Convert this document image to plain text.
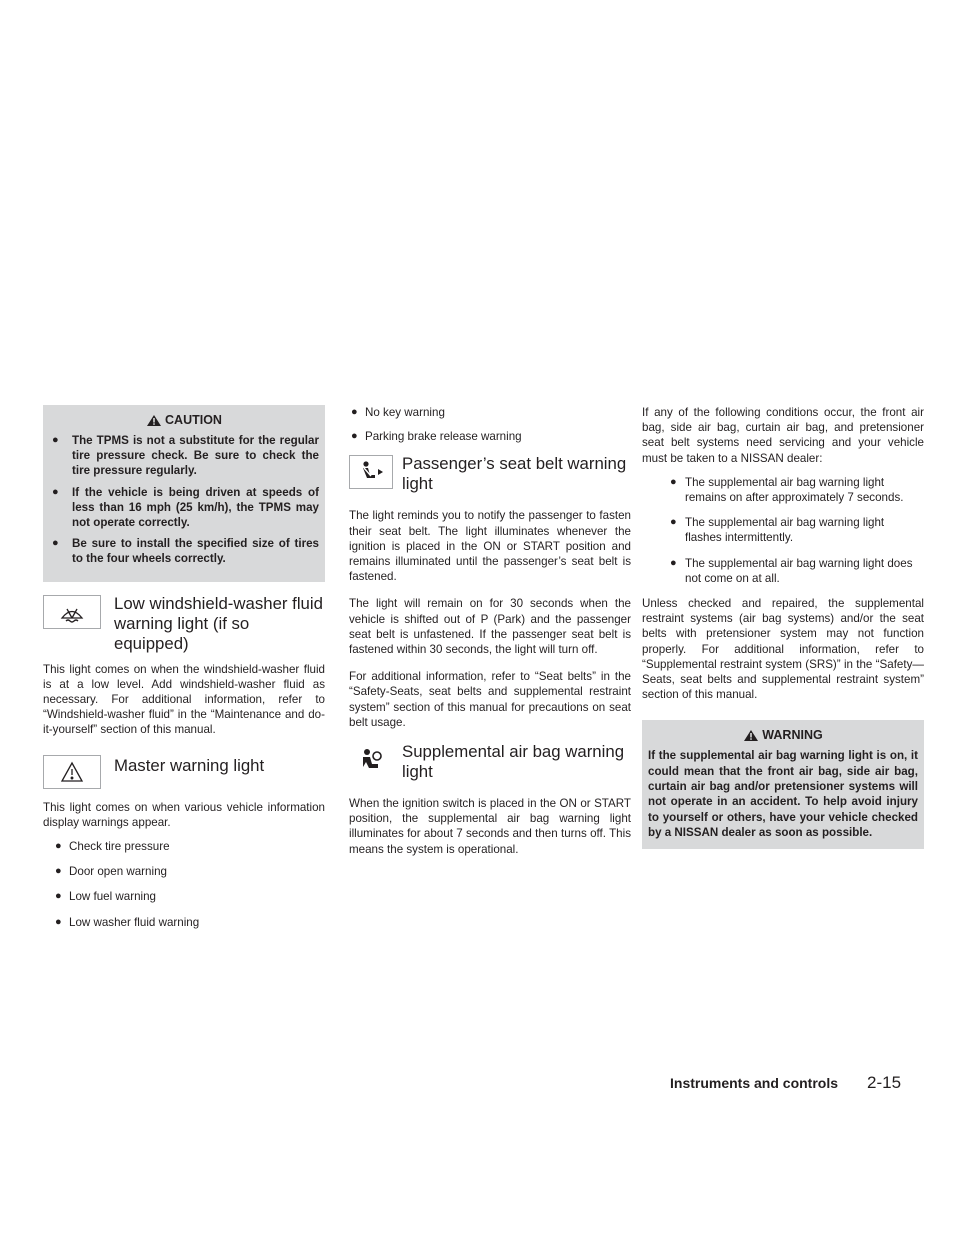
CAUTION
● The TPMS is not a substitute for the regular tire pressure check. Be sure to check the tire pressure regularly.
● If the vehicle is being driven at speeds of less than 16 mph (25 km/h), the TPMS may not operate correctly.
● Be sure to install the specified size of tires to the four wheels correctly.
Low windshield-washer fluid warning light (if so equipped)

This light comes on when the windshield-washer fluid is at a low level. Add windshield-washer fluid as necessary. For additional information, refer to “Windshield-washer fluid” in the “Maintenance and do-it-yourself” section of this manual.

Master warning light

This light comes on when various vehicle information display warnings appear.

● Check tire pressure
● Door open warning
● Low fuel warning
● Low washer fluid warning
● No key warning
● Parking brake release warning
Passenger’s seat belt warning light

The light reminds you to notify the passenger to fasten their seat belt. The light illuminates whenever the ignition is placed in the ON or START position and remains illuminated until the passenger’s seat belt is fastened.

The light will remain on for 30 seconds when the vehicle is shifted out of P (Park) and the passenger seat belt is unfastened. If the passenger seat belt is fastened within 30 seconds, the light will turn off.

For additional information, refer to “Seat belts” in the “Safety-Seats, seat belts and supplemental restraint system” section of this manual for precautions on seat belt usage.

Supplemental air bag warning light

When the ignition switch is placed in the ON or START position, the supplemental air bag warning light illuminates for about 7 seconds and then turns off. This means the system is operational.

If any of the following conditions occur, the front air bag, side air bag, curtain air bag, and pretensioner seat belt systems need servicing and your vehicle must be taken to a NISSAN dealer:

● The supplemental air bag warning light remains on after approximately 7 seconds.
● The supplemental air bag warning light flashes intermittently.
● The supplemental air bag warning light does not come on at all.

Unless checked and repaired, the supplemental restraint systems (air bag systems) and/or the seat belts with pretensioner system may not function properly. For additional information, refer to “Supplemental restraint system (SRS)” in the “Safety—Seats, seat belts and supplemental restraint system” section of this manual.

WARNING
If the supplemental air bag warning light is on, it could mean that the front air bag, side air bag, curtain air bag and/or pretensioner systems will not operate in an accident. To help avoid injury to yourself or others, have your vehicle checked by a NISSAN dealer as soon as possible.
Instruments and controls 2-15
